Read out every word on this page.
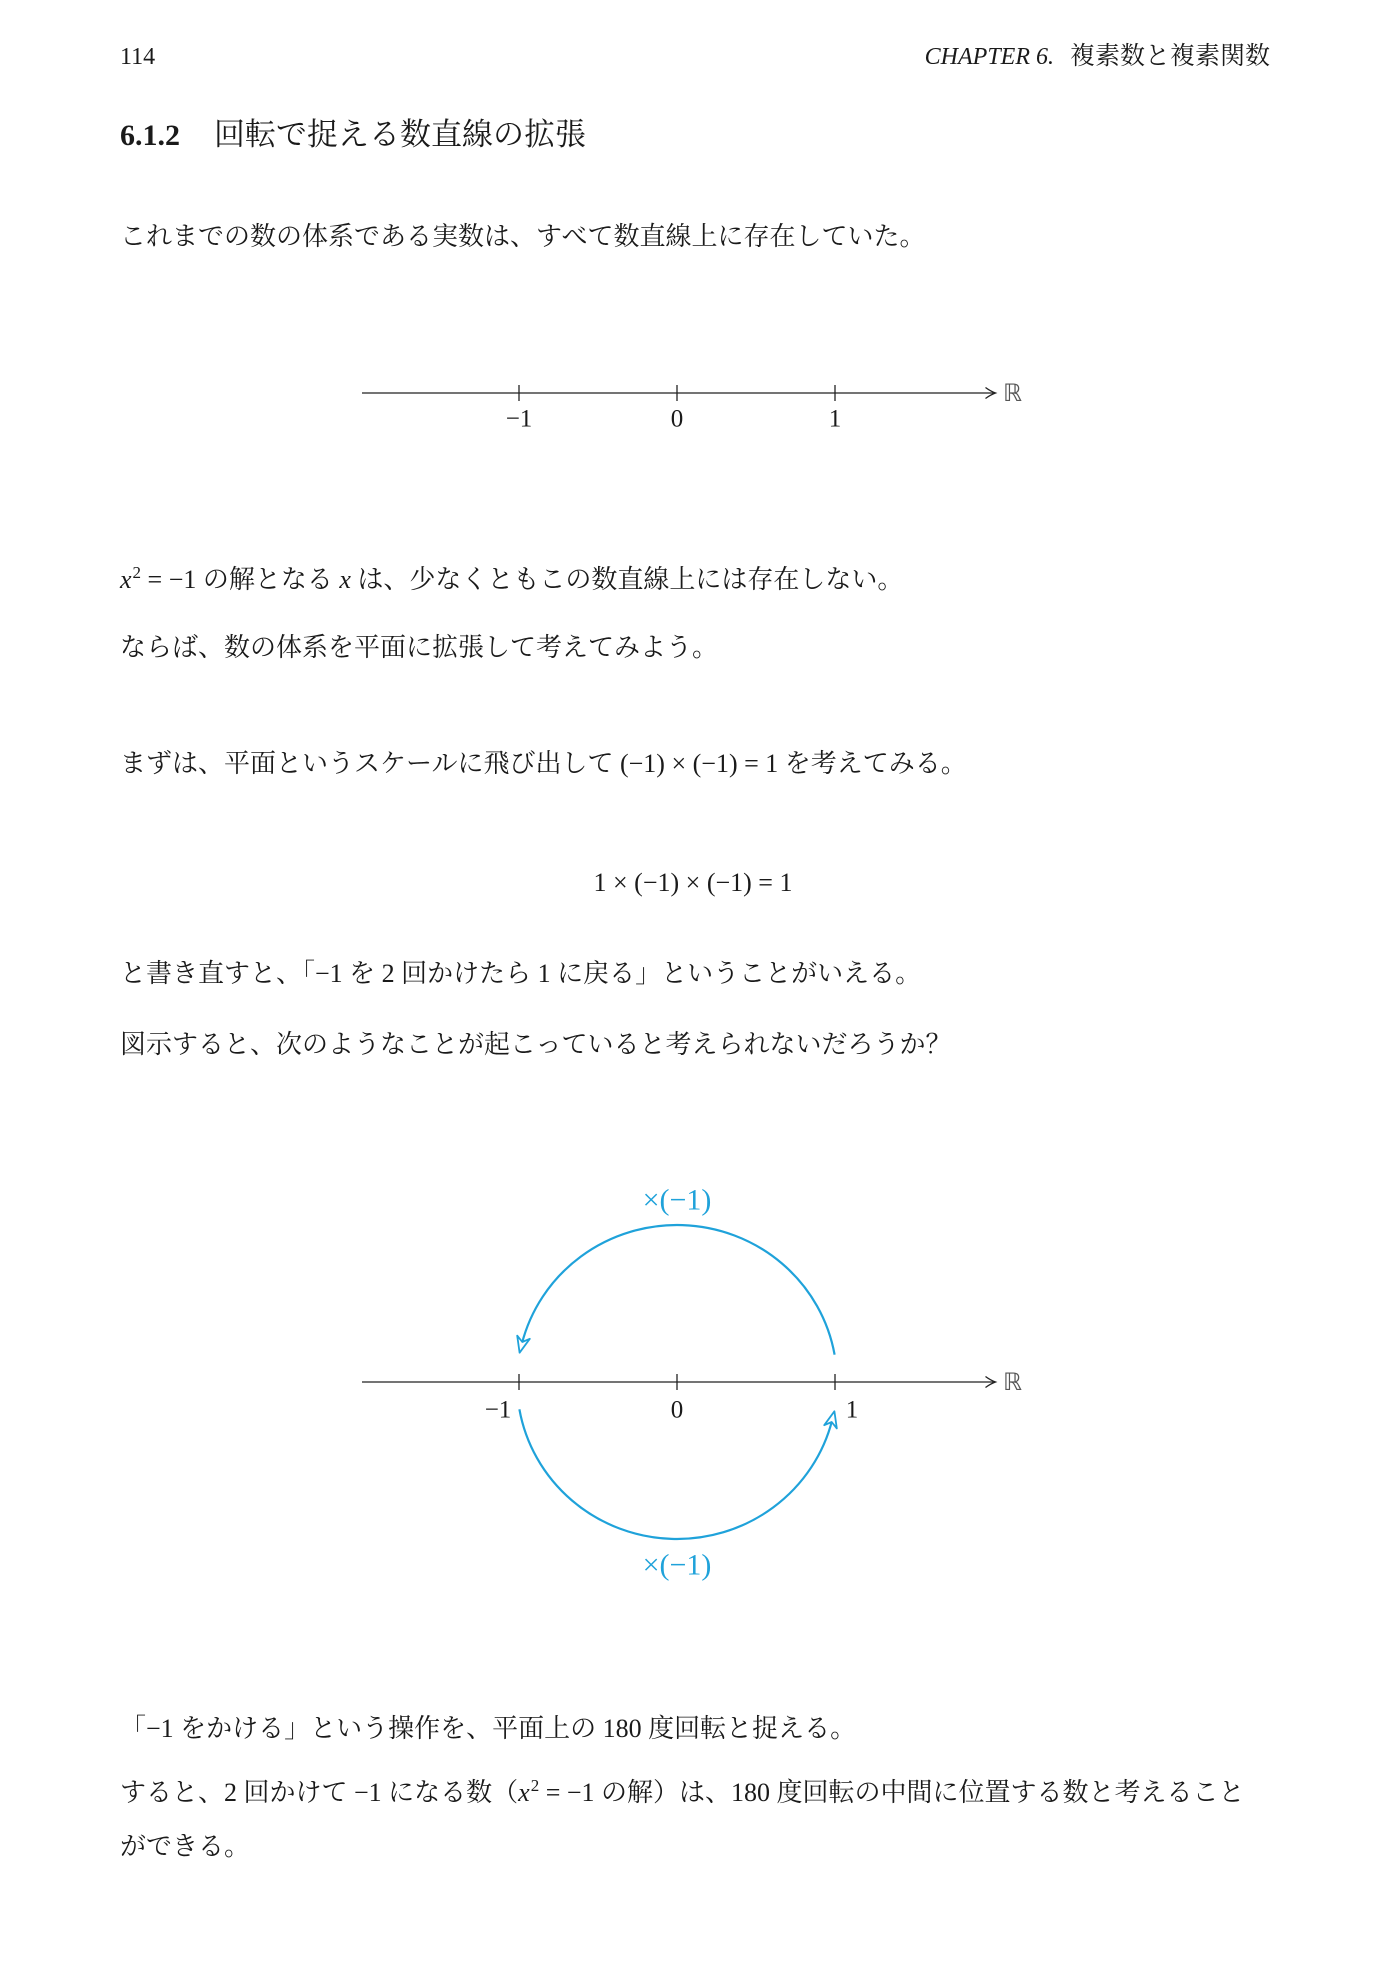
114	CHAPTER 6. 複素数と複素関数
6.1.2 回転で捉える数直線の拡張
これまでの数の体系である実数は、すべて数直線上に存在していた。
−1	0	1
ℝ
$x^2 = -1$ の解となる x は、少なくともこの数直線上には存在しない。
ならば、数の体系を平面に拡張して考えてみよう。
まずは、平面というスケールに飛び出して (−1) × (−1) = 1 を考えてみる。
1 × (−1) × (−1) = 1
と書き直すと、「−1 を 2 回かけたら 1 に戻る」ということがいえる。
図示すると、次のようなことが起こっていると考えられないだろうか？
×(−1)
−1	0	1
ℝ
×(−1)
「−1 をかける」という操作を、平面上の 180 度回転と捉える。
すると、2 回かけて −1 になる数（$x^2 = -1$ の解）は、180 度回転の中間に位置する数と考えること
ができる。
